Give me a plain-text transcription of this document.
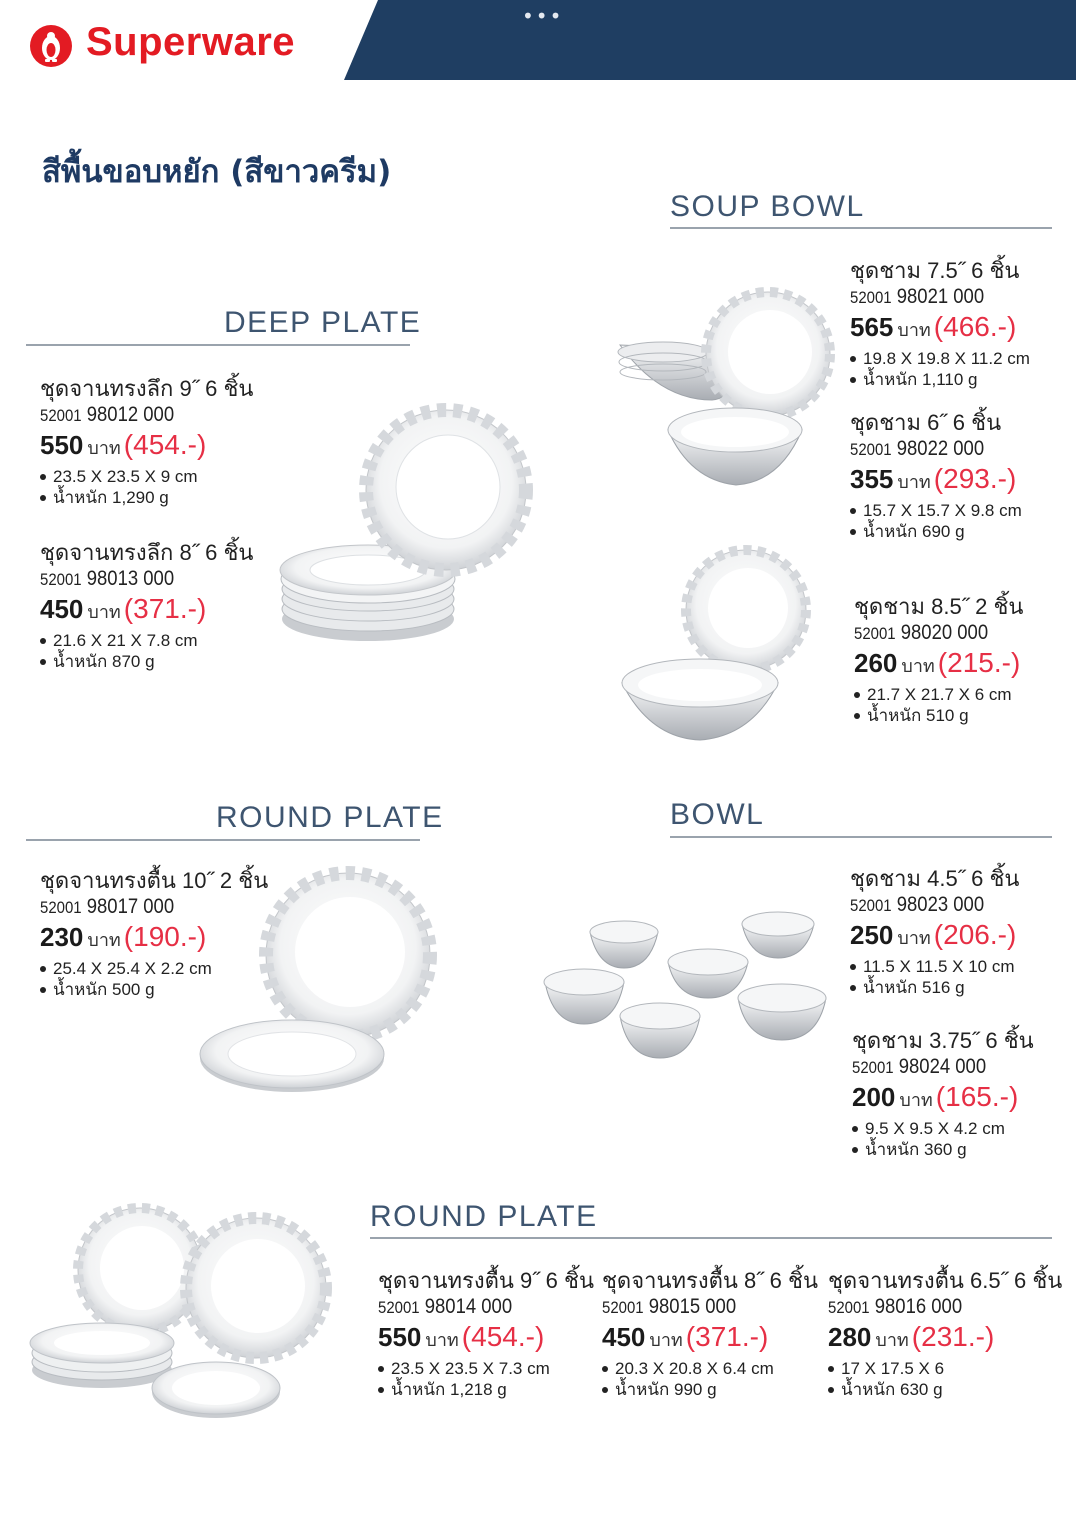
Superware
•••
สีพื้นขอบหยัก (สีขาวครีม)
SOUP BOWL
DEEP PLATE
ROUND PLATE	BOWL
ROUND PLATE
ชุดจานทรงลึก 9˝ 6 ชิ้น
52001 98012 000
550 บาท (454.-)
23.5 X 23.5 X 9 cm
น้ำหนัก 1,290 g
ชุดจานทรงลึก 8˝ 6 ชิ้น
52001 98013 000
450 บาท (371.-)
21.6 X 21 X 7.8 cm
น้ำหนัก 870 g
ชุดชาม 7.5˝ 6 ชิ้น
52001 98021 000
565 บาท (466.-)
19.8 X 19.8 X 11.2 cm
น้ำหนัก 1,110 g
ชุดชาม 6˝ 6 ชิ้น
52001 98022 000
355 บาท (293.-)
15.7 X 15.7 X 9.8 cm
น้ำหนัก 690 g
ชุดชาม 8.5˝ 2 ชิ้น
52001 98020 000
260 บาท (215.-)
21.7 X 21.7 X 6 cm
น้ำหนัก 510 g
ชุดจานทรงตื้น 10˝ 2 ชิ้น
52001 98017 000
230 บาท (190.-)
25.4 X 25.4 X 2.2 cm
น้ำหนัก 500 g
ชุดชาม 4.5˝ 6 ชิ้น
52001 98023 000
250 บาท (206.-)
11.5 X 11.5 X 10 cm
น้ำหนัก 516 g
ชุดชาม 3.75˝ 6 ชิ้น
52001 98024 000
200 บาท (165.-)
9.5 X 9.5 X 4.2 cm
น้ำหนัก 360 g
ชุดจานทรงตื้น 9˝ 6 ชิ้น
52001 98014 000
550 บาท (454.-)
23.5 X 23.5 X 7.3 cm
น้ำหนัก 1,218 g
ชุดจานทรงตื้น 8˝ 6 ชิ้น
52001 98015 000
450 บาท (371.-)
20.3 X 20.8 X 6.4 cm
น้ำหนัก 990 g
ชุดจานทรงตื้น 6.5˝ 6 ชิ้น
52001 98016 000
280 บาท (231.-)
17 X 17.5 X 6
น้ำหนัก 630 g
